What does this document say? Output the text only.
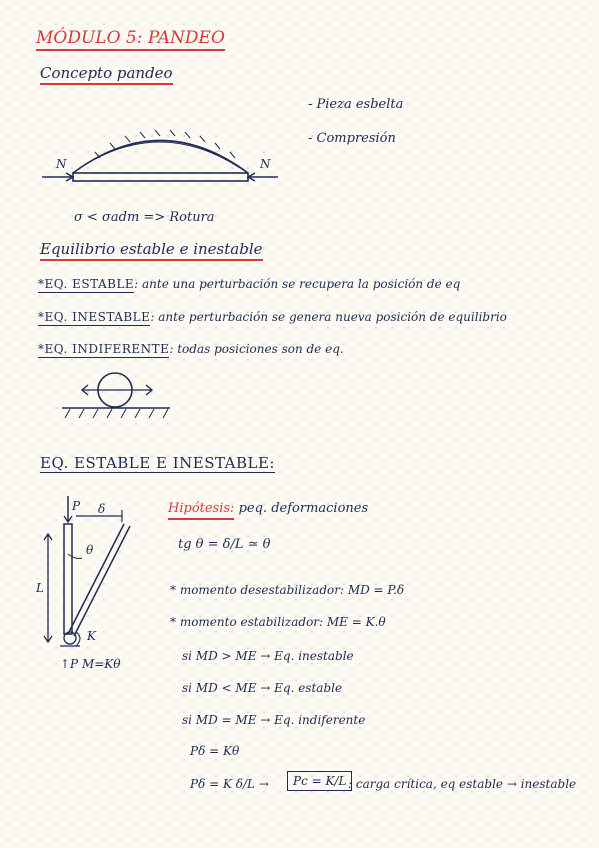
MÓDULO 5: PANDEO
Concepto pandeo
- Pieza esbelta
- Compresión
N	N
σ < σadm => Rotura
Equilibrio estable e inestable
*EQ. ESTABLE: ante una perturbación se recupera la posición de eq
*EQ. INESTABLE: ante perturbación se genera nueva posición de equilibrio
*EQ. INDIFERENTE: todas posiciones son de eq.
EQ. ESTABLE E INESTABLE:
P δ
θ
L
K
↑P M=Kθ
Hipótesis: peq. deformaciones
tg θ = δ/L ≃ θ
* momento desestabilizador: MD = P.δ
* momento estabilizador: ME = K.θ
si MD > ME → Eq. inestable
si MD < ME → Eq. estable
si MD = ME → Eq. indiferente
Pδ = Kθ
Pδ = K δ/L →	Pc = K/L : carga crítica, eq estable → inestable
